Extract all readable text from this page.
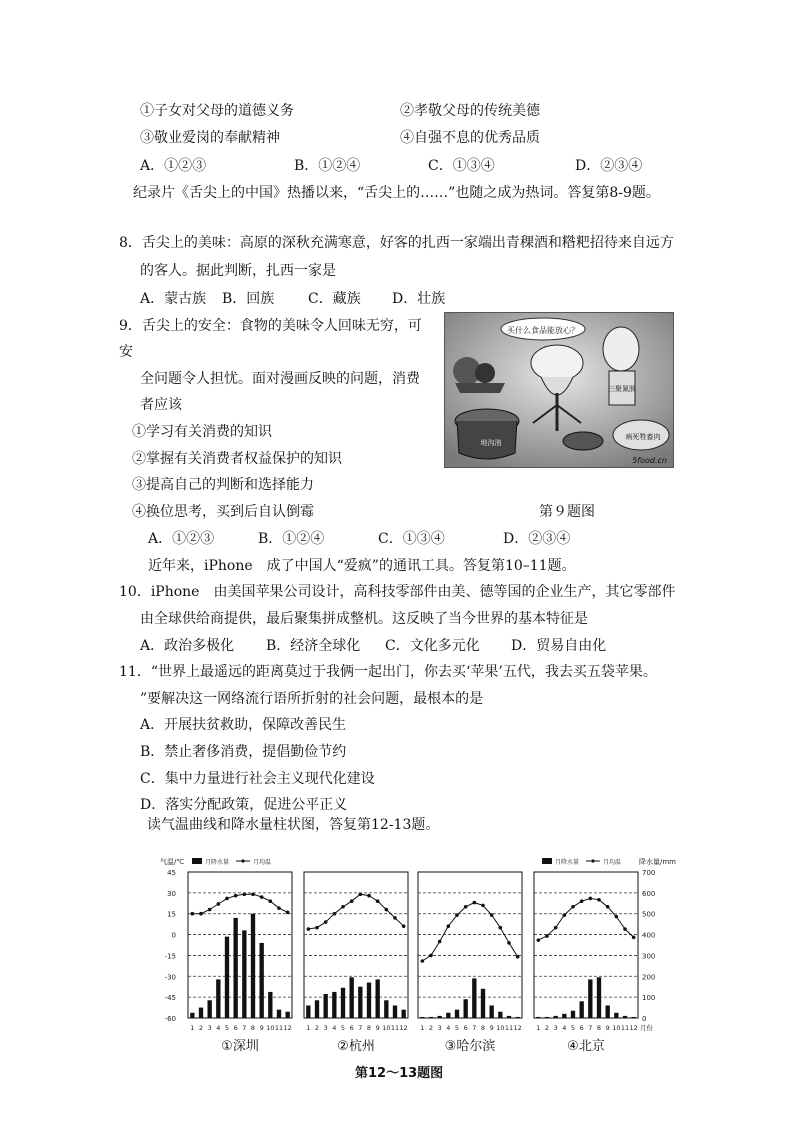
①子女对父母的道德义务	②孝敬父母的传统美德
③敬业爱岗的奉献精神	④自强不息的优秀品质
A．①②③	B．①②④	C．①③④	D．②③④
纪录片《舌尖上的中国》热播以来，“舌尖上的……”也随之成为热词。答复第8-9题。
8．舌尖上的美味：高原的深秋充满寒意，好客的扎西一家端出青稞酒和糌粑招待来自远方
的客人。据此判断，扎西一家是
A．蒙古族 B．回族 C．藏族 D．壮族
9．舌尖上的安全：食物的美味令人回味无穷，可
安
全问题令人担忧。面对漫画反映的问题，消费
者应该
①学习有关消费的知识
②掌握有关消费者权益保护的知识
③提高自己的判断和选择能力
④换位思考，买到后自认倒霉	第９题图
买什么食品能放心？
三聚氰胺
地沟油
病死牲畜肉
5food.cn
A．①②③	B．①②④	C．①③④	D．②③④
近年来，iPhone　成了中国人“爱疯”的通讯工具。答复第10–11题。
10．iPhone　由美国苹果公司设计，高科技零部件由美、德等国的企业生产，其它零部件
由全球供给商提供，最后聚集拼成整机。这反映了当今世界的基本特征是
A．政治多极化 B．经济全球化 C．文化多元化 D．贸易自由化
11．“世界上最遥远的距离莫过于我俩一起出门，你去买‘苹果’五代，我去买五袋苹果。
”要解决这一网络流行语所折射的社会问题，最根本的是
A．开展扶贫救助，保障改善民生
B．禁止奢侈消费，提倡勤俭节约
C．集中力量进行社会主义现代化建设
D．落实分配政策，促进公平正义
读气温曲线和降水量柱状图，答复第12-13题。
气温/℃
45
30
15
0
-15
-30
-45
-60
降水量/mm
700
600
500
400
300
200
100
0
月降水量	月均温	月降水量	月均温
1 2 3 4 5 6 7 8 9 10 11 12
①深圳
1 2 3 4 5 6 7 8 9 10 11 12
②杭州
1 2 3 4 5 6 7 8 9 10 11 12
③哈尔滨
1 2 3 4 5 6 7 8 9 10 11 12
④北京
月份
第12～13题图
